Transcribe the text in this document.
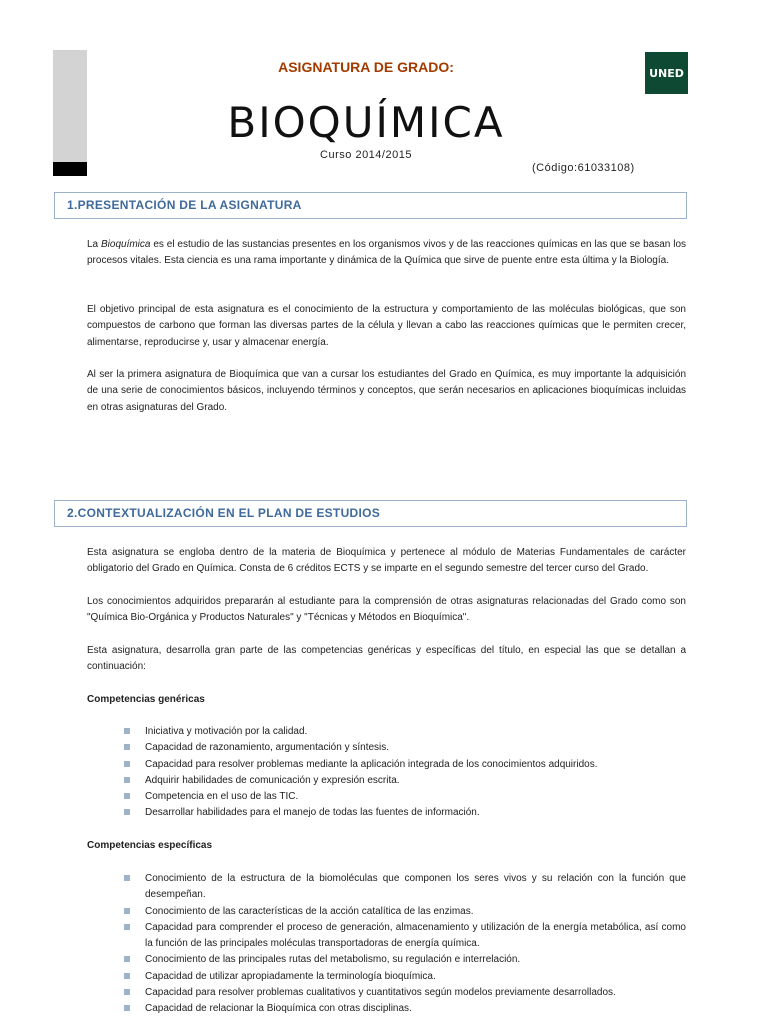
ASIGNATURA DE GRADO:
BIOQUÍMICA
Curso 2014/2015
(Código:61033108)
UNED
1.PRESENTACIÓN DE LA ASIGNATURA
La Bioquímica es el estudio de las sustancias presentes en los organismos vivos y de las reacciones químicas en las que se basan los procesos vitales. Esta ciencia es una rama importante y dinámica de la Química que sirve de puente entre esta última y la Biología.
El objetivo principal de esta asignatura es el conocimiento de la estructura y comportamiento de las moléculas biológicas, que son compuestos de carbono que forman las diversas partes de la célula y llevan a cabo las reacciones químicas que le permiten crecer, alimentarse, reproducirse y, usar y almacenar energía.
Al ser la primera asignatura de Bioquímica que van a cursar los estudiantes del Grado en Química, es muy importante la adquisición de una serie de conocimientos básicos, incluyendo términos y conceptos, que serán necesarios en aplicaciones bioquímicas incluidas en otras asignaturas del Grado.
2.CONTEXTUALIZACIÓN EN EL PLAN DE ESTUDIOS
Esta asignatura se engloba dentro de la materia de Bioquímica y pertenece al módulo de Materias Fundamentales de carácter obligatorio del Grado en Química. Consta de 6 créditos ECTS y se imparte en el segundo semestre del tercer curso del Grado.
Los conocimientos adquiridos prepararán al estudiante para la comprensión de otras asignaturas relacionadas del Grado como son "Química Bio-Orgánica y Productos Naturales" y "Técnicas y Métodos en Bioquímica".
Esta asignatura, desarrolla gran parte de las competencias genéricas y específicas del título, en especial las que se detallan a continuación:
Competencias genéricas
Iniciativa y motivación por la calidad.
Capacidad de razonamiento, argumentación y síntesis.
Capacidad para resolver problemas mediante la aplicación integrada de los conocimientos adquiridos.
Adquirir habilidades de comunicación y expresión escrita.
Competencia en el uso de las TIC.
Desarrollar habilidades para el manejo de todas las fuentes de información.
Competencias específicas
Conocimiento de la estructura de la biomoléculas que componen los seres vivos y su relación con la función que desempeñan.
Conocimiento de las características de la acción catalítica de las enzimas.
Capacidad para comprender el proceso de generación, almacenamiento y utilización de la energía metabólica, así como la función de las principales moléculas transportadoras de energía química.
Conocimiento de las principales rutas del metabolismo, su regulación e interrelación.
Capacidad de utilizar apropiadamente la terminología bioquímica.
Capacidad para resolver problemas cualitativos y cuantitativos según modelos previamente desarrollados.
Capacidad de relacionar la Bioquímica con otras disciplinas.
